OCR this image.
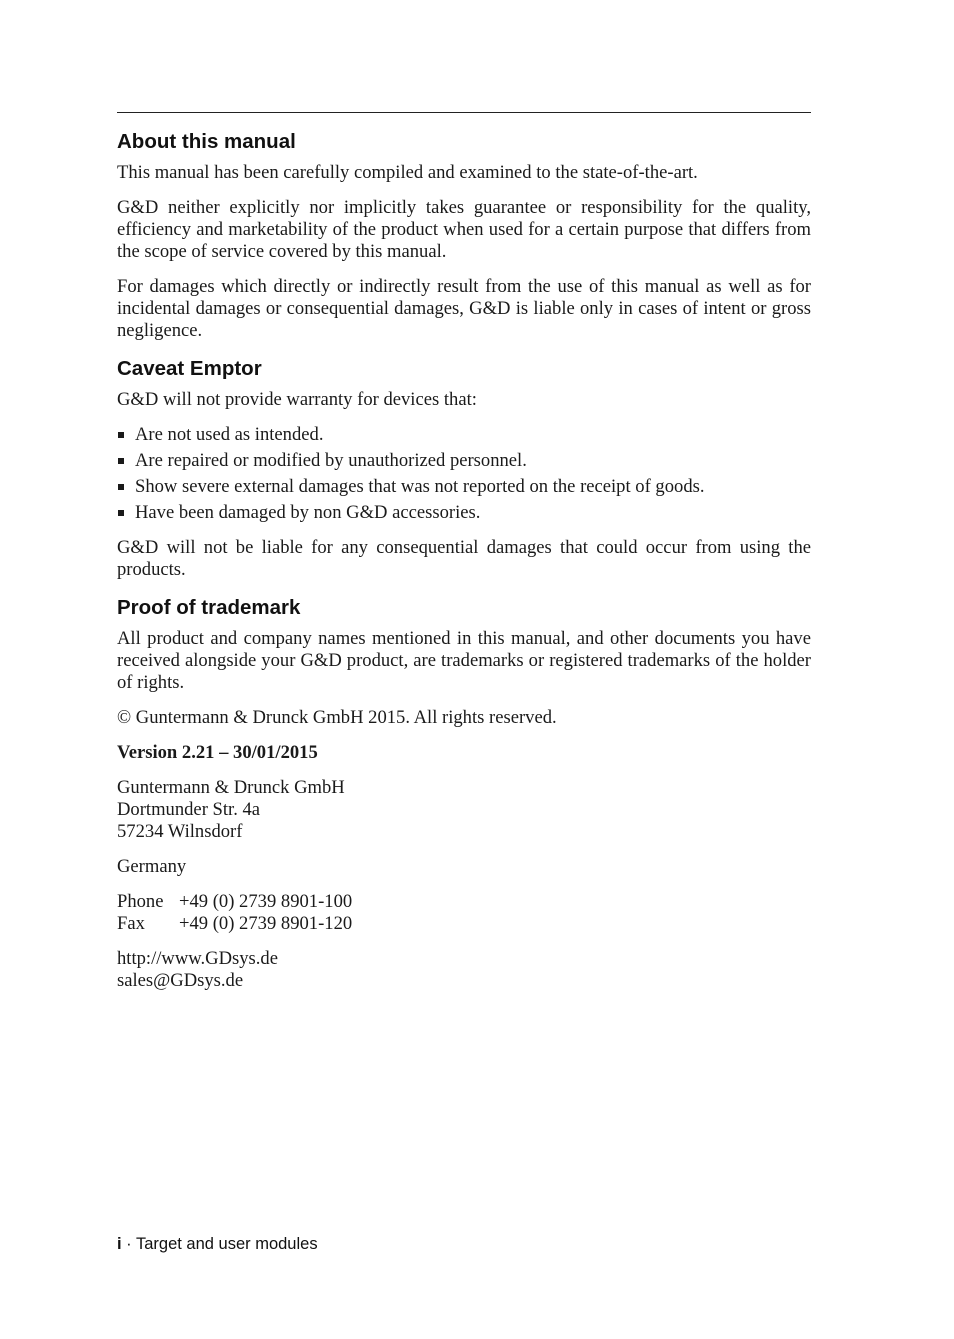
About this manual

This manual has been carefully compiled and examined to the state-of-the-art.

G&D neither explicitly nor implicitly takes guarantee or responsibility for the quality, efficiency and marketability of the product when used for a certain purpose that differs from the scope of service covered by this manual.

For damages which directly or indirectly result from the use of this manual as well as for incidental damages or consequential damages, G&D is liable only in cases of intent or gross negligence.

Caveat Emptor

G&D will not provide warranty for devices that:

Are not used as intended.
Are repaired or modified by unauthorized personnel.
Show severe external damages that was not reported on the receipt of goods.
Have been damaged by non G&D accessories.

G&D will not be liable for any consequential damages that could occur from using the products.

Proof of trademark

All product and company names mentioned in this manual, and other documents you have received alongside your G&D product, are trademarks or registered trademarks of the holder of rights.

© Guntermann & Drunck GmbH 2015. All rights reserved.

Version 2.21 – 30/01/2015

Guntermann & Drunck GmbH

Dortmunder Str. 4a

57234 Wilnsdorf

Germany

Phone +49 (0) 2739 8901-100
Fax	+49 (0) 2739 8901-120

http://www.GDsys.de

sales@GDsys.de

i · Target and user modules
